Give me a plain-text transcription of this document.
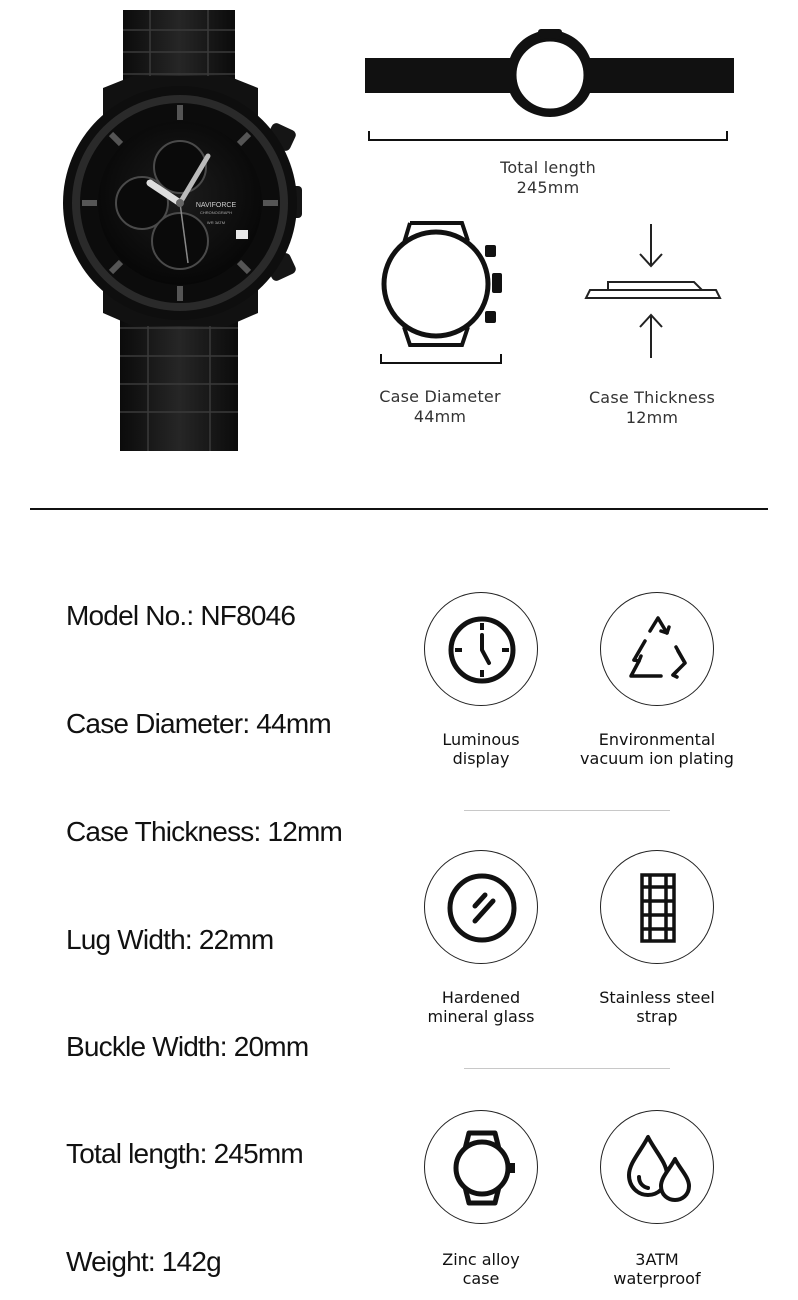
NAVIFORCE
CHRONOGRAPH
WR 3ATM
Total length
245mm
Case Diameter
44mm
Case Thickness
12mm
Model No.: NF8046
Case Diameter: 44mm
Case Thickness: 12mm
Lug Width: 22mm
Buckle Width: 20mm
Total length: 245mm
Weight: 142g
Luminous
display
Environmental
vacuum ion plating
Hardened
mineral glass
Stainless steel
strap
Zinc alloy
case
3ATM
waterproof
